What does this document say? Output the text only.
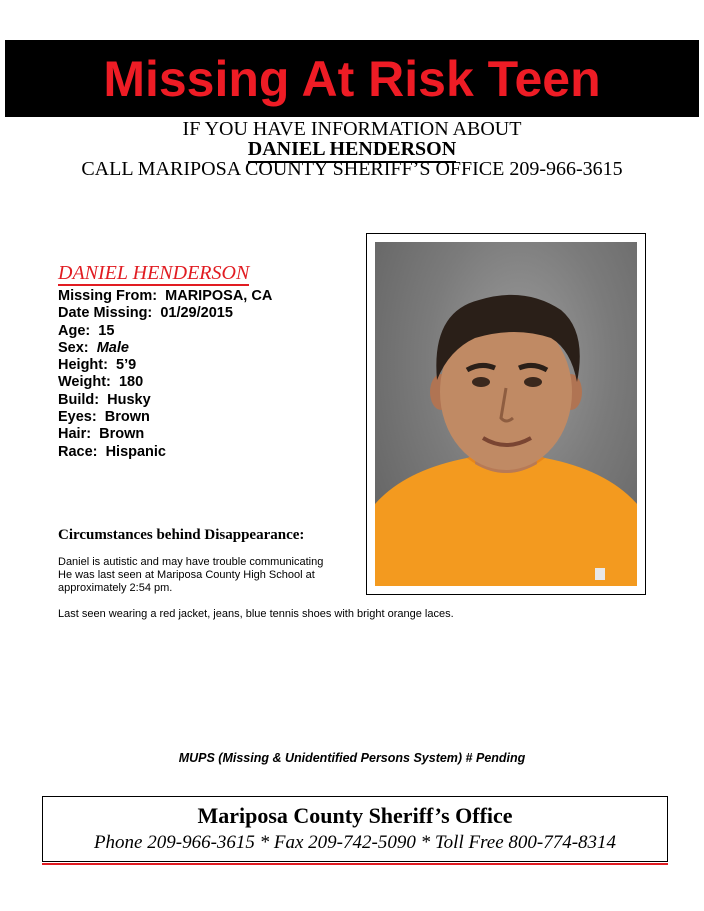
Missing At Risk Teen
IF YOU HAVE INFORMATION ABOUT
DANIEL HENDERSON
CALL MARIPOSA COUNTY SHERIFF’S OFFICE 209-966-3615
DANIEL HENDERSON
Missing From: MARIPOSA, CA
Date Missing: 01/29/2015
Age: 15
Sex: Male
Height: 5’9
Weight: 180
Build: Husky
Eyes: Brown
Hair: Brown
Race: Hispanic
Circumstances behind Disappearance:

Daniel is autistic and may have trouble communicating

He was last seen at Mariposa County High School at

approximately 2:54 pm.

Last seen wearing a red jacket, jeans, blue tennis shoes with bright orange laces.

MUPS (Missing & Unidentified Persons System) # Pending
Mariposa County Sheriff’s Office
Phone 209-966-3615 * Fax 209-742-5090 * Toll Free 800-774-8314
